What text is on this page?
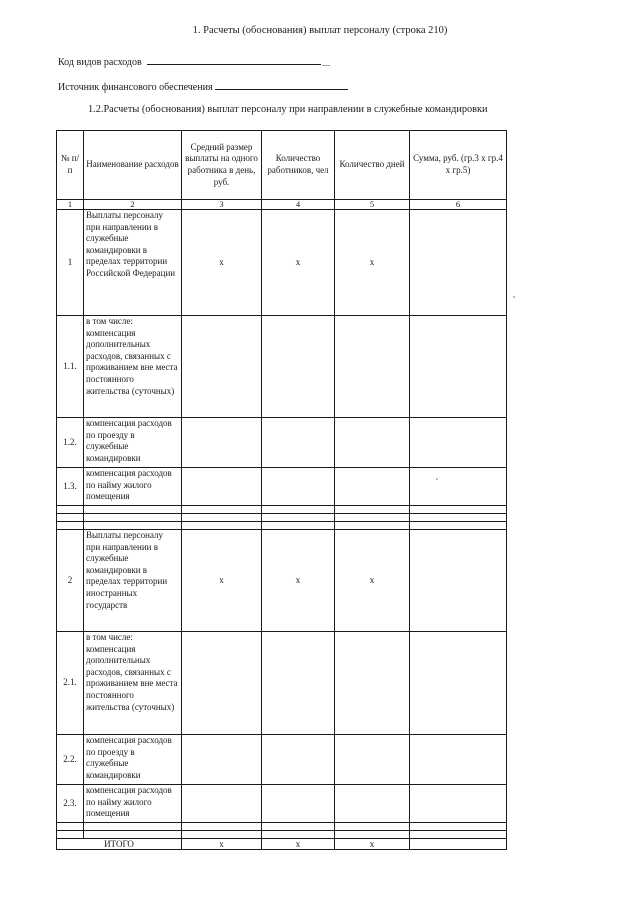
1. Расчеты (обоснования) выплат персоналу (строка 210)
Код видов расходов	__
Источник финансового обеспечения
1.2.Расчеты (обоснования) выплат персоналу при направлении в служебные командировки
№ п/п	Наименование расходов	Средний размер выплаты на одного работника в день, руб.	Количество работников, чел	Количество дней	Сумма, руб. (гр.3 x гр.4 x гр.5)
1	2	3	4	5	6
1	Выплаты персоналу при направлении в служебные командировки в пределах территории Российской Федерации	x	x	x	
1.1.	в том числе: компенсация дополнительных расходов, связанных с проживанием вне места постоянного жительства (суточных)				
1.2.	компенсация расходов по проезду в служебные командировки				
1.3.	компенсация расходов по найму жилого помещения				

2	Выплаты персоналу при направлении в служебные командировки в пределах территории иностранных государств	x	x	x	
2.1.	в том числе: компенсация дополнительных расходов, связанных с проживанием вне места постоянного жительства (суточных)				
2.2.	компенсация расходов по проезду в служебные командировки				
2.3.	компенсация расходов по найму жилого помещения				

ИТОГО		x	x	x	
